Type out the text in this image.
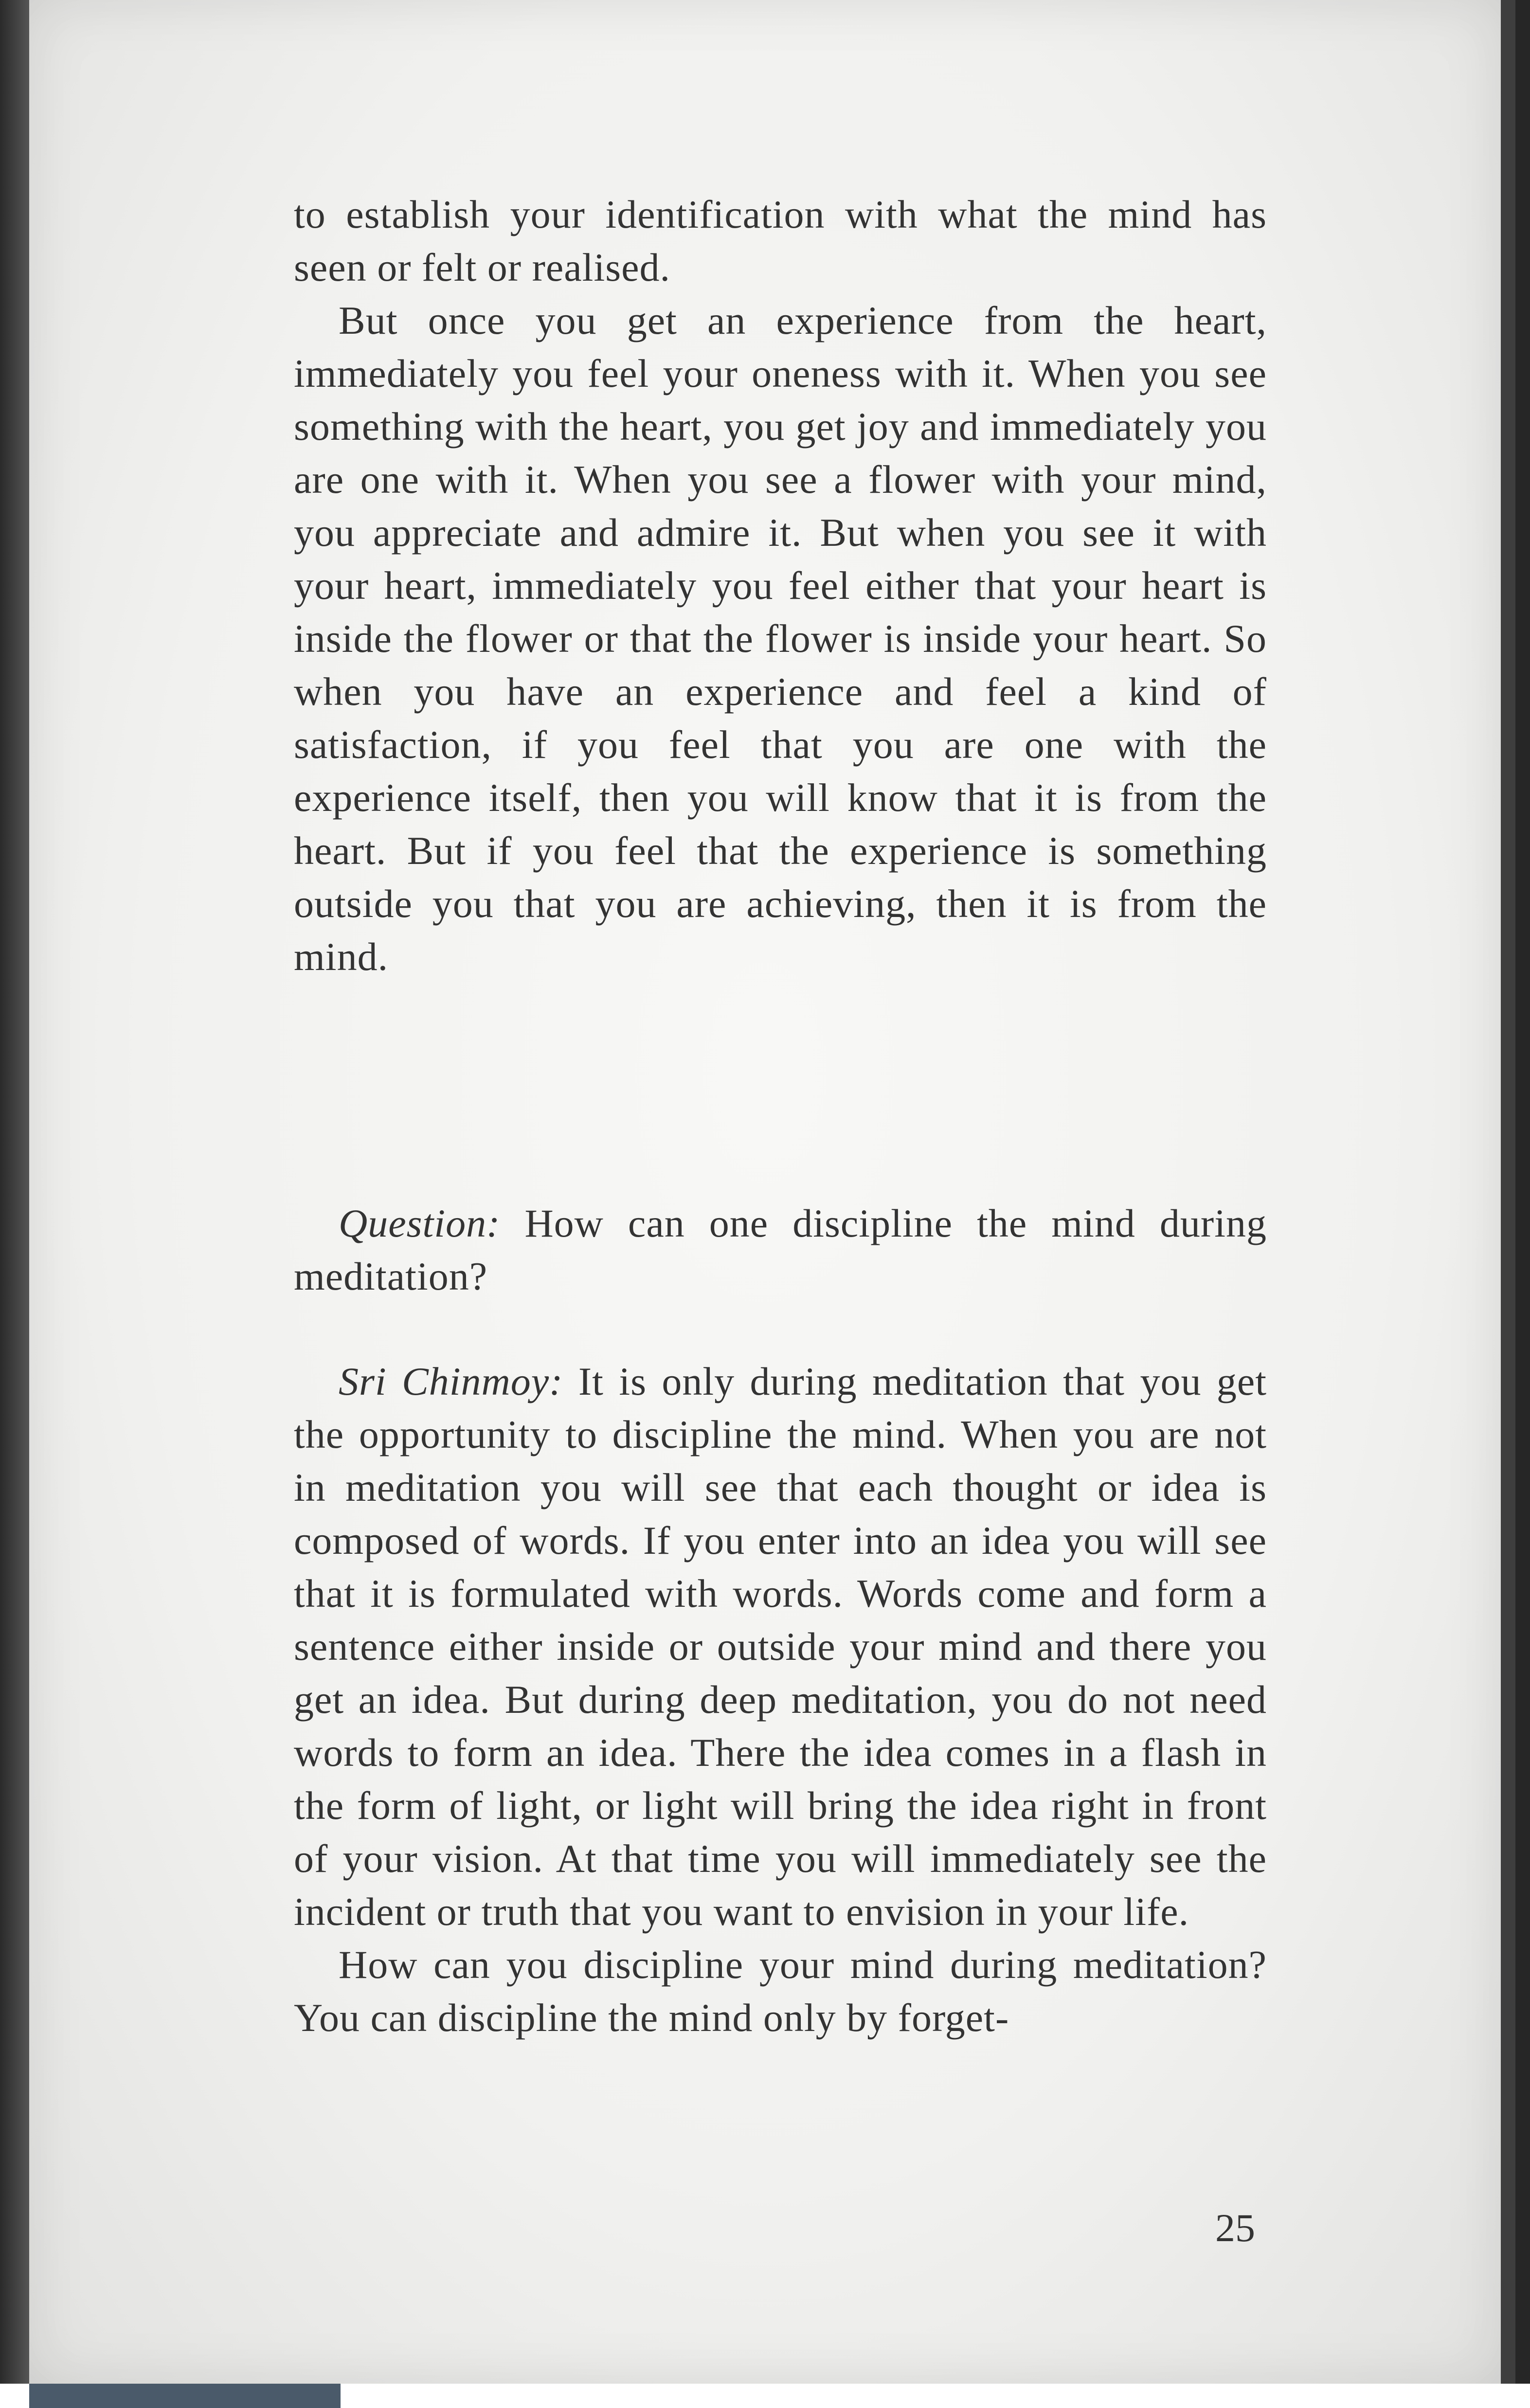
to establish your identification with what the mind has seen or felt or realised.

But once you get an experience from the heart, immediately you feel your oneness with it. When you see something with the heart, you get joy and immediately you are one with it. When you see a flower with your mind, you appreciate and admire it. But when you see it with your heart, immediately you feel either that your heart is inside the flower or that the flower is inside your heart. So when you have an experience and feel a kind of satisfaction, if you feel that you are one with the experience itself, then you will know that it is from the heart. But if you feel that the experience is something outside you that you are achieving, then it is from the mind.

Question: How can one discipline the mind during meditation?

Sri Chinmoy: It is only during meditation that you get the opportunity to discipline the mind. When you are not in meditation you will see that each thought or idea is composed of words. If you enter into an idea you will see that it is formulated with words. Words come and form a sentence either inside or outside your mind and there you get an idea. But during deep meditation, you do not need words to form an idea. There the idea comes in a flash in the form of light, or light will bring the idea right in front of your vision. At that time you will immediately see the incident or truth that you want to envision in your life.

How can you discipline your mind during meditation? You can discipline the mind only by forget-

25
